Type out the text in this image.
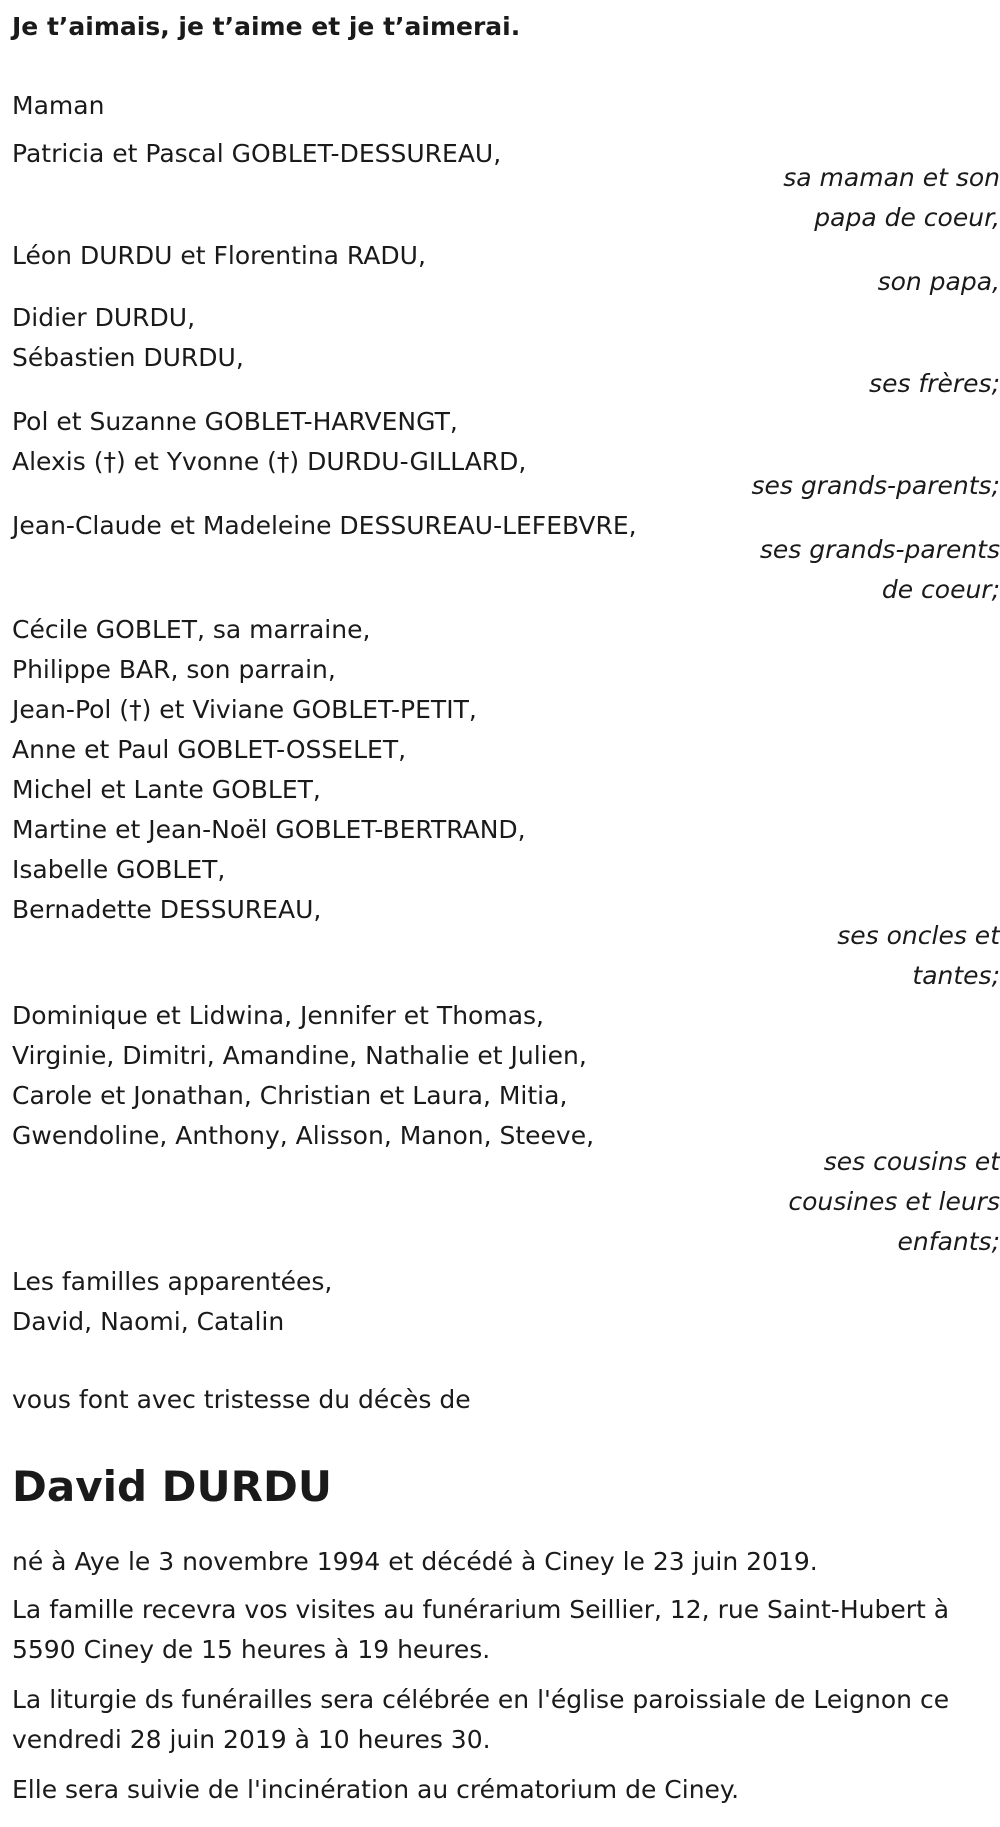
Je t’aimais, je t’aime et je t’aimerai.

Maman

Patricia et Pascal GOBLET-DESSUREAU,

sa maman et son
papa de coeur,

Léon DURDU et Florentina RADU,

son papa,

Didier DURDU,

Sébastien DURDU,

ses frères;

Pol et Suzanne GOBLET-HARVENGT,

Alexis (†) et Yvonne (†) DURDU-GILLARD,

ses grands-parents;

Jean-Claude et Madeleine DESSUREAU-LEFEBVRE,

ses grands-parents
de coeur;

Cécile GOBLET, sa marraine,

Philippe BAR, son parrain,

Jean-Pol (†) et Viviane GOBLET-PETIT,

Anne et Paul GOBLET-OSSELET,

Michel et Lante GOBLET,

Martine et Jean-Noël GOBLET-BERTRAND,

Isabelle GOBLET,

Bernadette DESSUREAU,

ses oncles et
tantes;

Dominique et Lidwina, Jennifer et Thomas,

Virginie, Dimitri, Amandine, Nathalie et Julien,

Carole et Jonathan, Christian et Laura, Mitia,

Gwendoline, Anthony, Alisson, Manon, Steeve,

ses cousins et
cousines et leurs
enfants;

Les familles apparentées,

David, Naomi, Catalin

vous font avec tristesse du décès de

David DURDU

né à Aye le 3 novembre 1994 et décédé à Ciney le 23 juin 2019.

La famille recevra vos visites au funérarium Seillier, 12, rue Saint-Hubert à 5590 Ciney de 15 heures à 19 heures.

La liturgie ds funérailles sera célébrée en l'église paroissiale de Leignon ce vendredi 28 juin 2019 à 10 heures 30.

Elle sera suivie de l'incinération au crématorium de Ciney.
